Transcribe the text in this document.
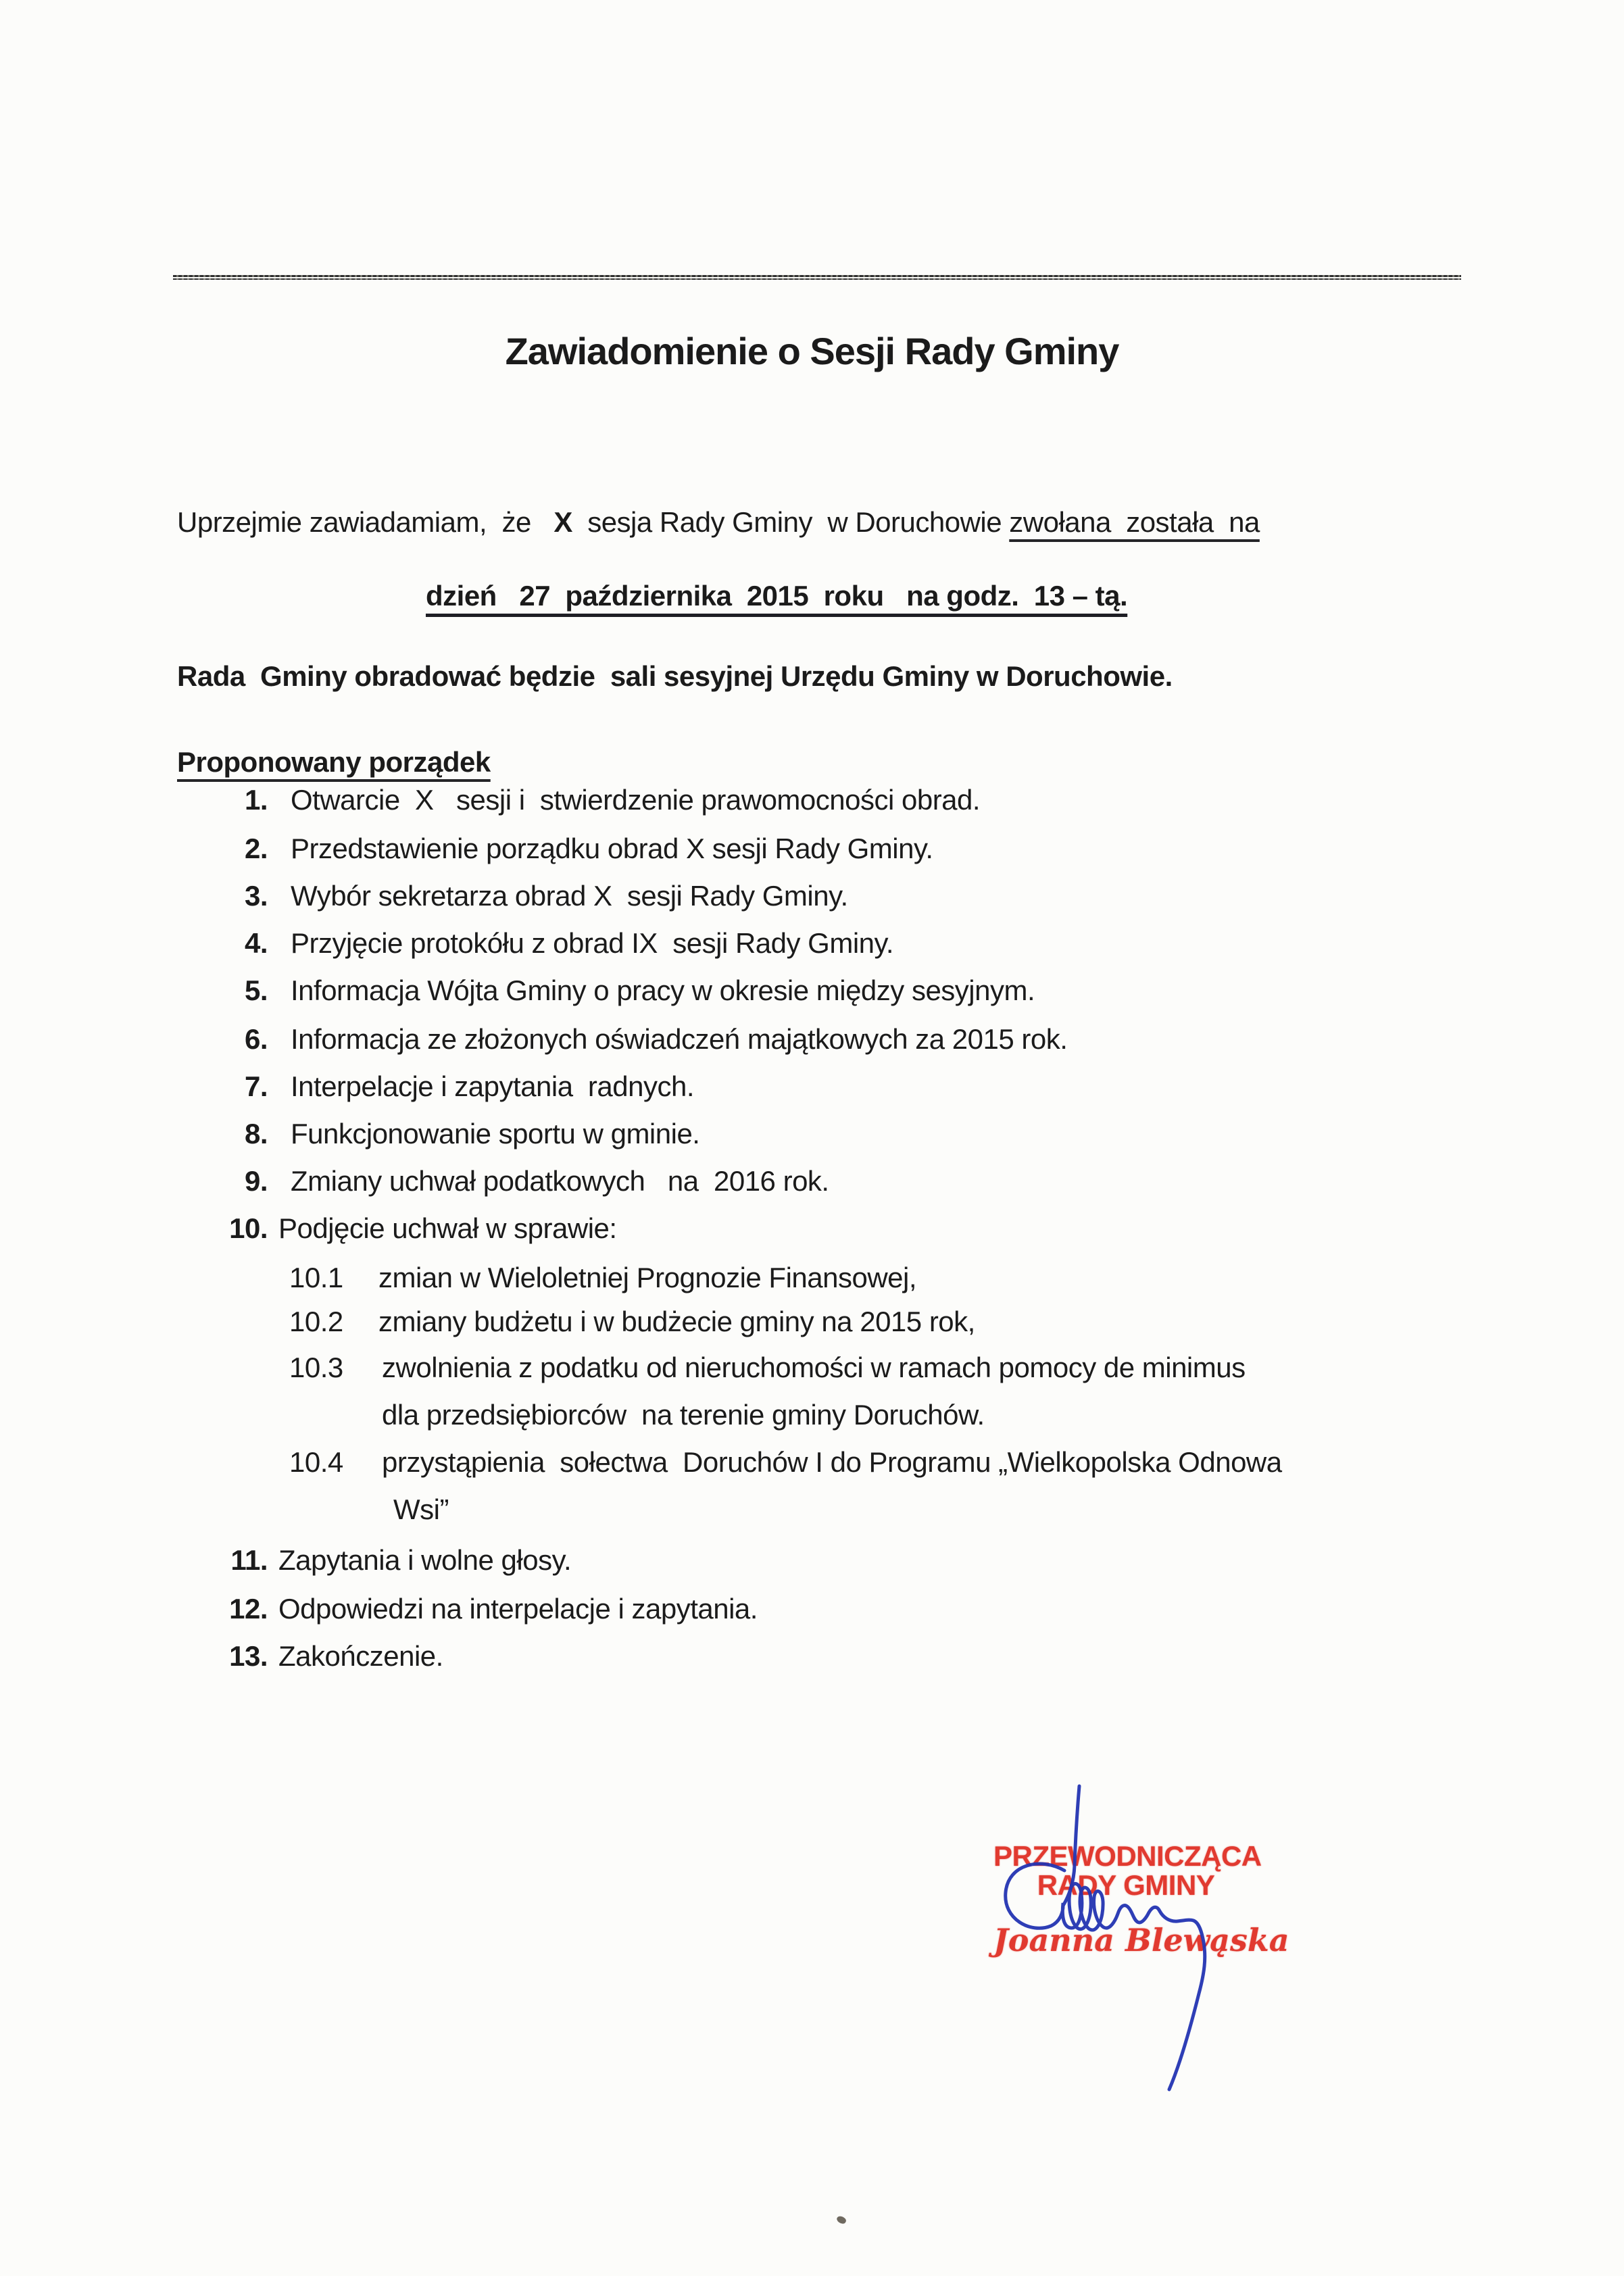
Zawiadomienie o Sesji Rady Gminy
Uprzejmie zawiadamiam,  że   X  sesja Rady Gminy  w Doruchowie zwołana  została  na
dzień   27  października  2015  roku   na godz.  13 – tą.
Rada  Gminy obradować będzie  sali sesyjnej Urzędu Gminy w Doruchowie.
Proponowany porządek
1. Otwarcie  X   sesji i  stwierdzenie prawomocności obrad.
2. Przedstawienie porządku obrad X sesji Rady Gminy.
3. Wybór sekretarza obrad X  sesji Rady Gminy.
4. Przyjęcie protokółu z obrad IX  sesji Rady Gminy.
5. Informacja Wójta Gminy o pracy w okresie między sesyjnym.
6. Informacja ze złożonych oświadczeń majątkowych za 2015 rok.
7. Interpelacje i zapytania  radnych.
8. Funkcjonowanie sportu w gminie.
9. Zmiany uchwał podatkowych   na  2016 rok.
10. Podjęcie uchwał w sprawie:
10.1 zmian w Wieloletniej Prognozie Finansowej,
10.2 zmiany budżetu i w budżecie gminy na 2015 rok,
10.3 zwolnienia z podatku od nieruchomości w ramach pomocy de minimus
dla przedsiębiorców  na terenie gminy Doruchów.
10.4 przystąpienia  sołectwa  Doruchów I do Programu „Wielkopolska Odnowa
Wsi”
11. Zapytania i wolne głosy.
12. Odpowiedzi na interpelacje i zapytania.
13. Zakończenie.
PRZEWODNICZĄCA
RADY GMINY
Joanna Blewąska
